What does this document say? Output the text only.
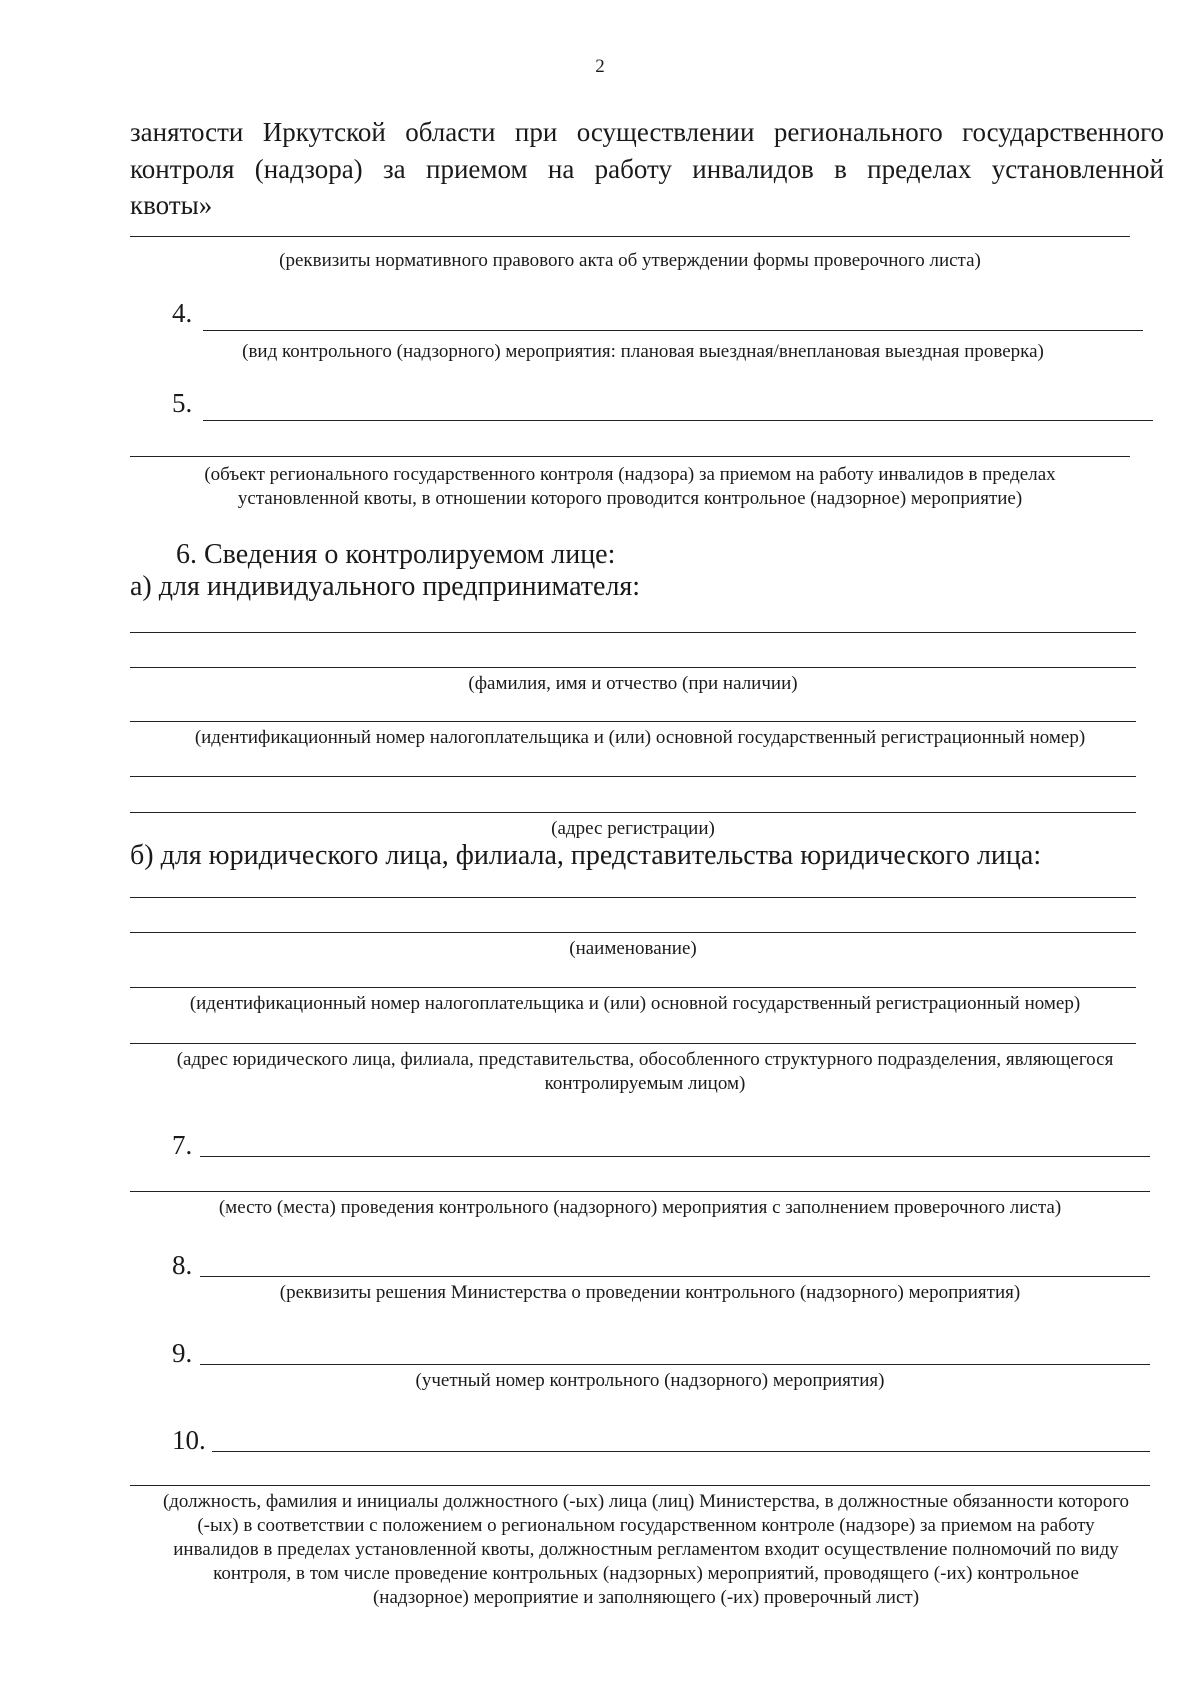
2
занятости Иркутской области при осуществлении регионального государственного
контроля (надзора) за приемом на работу инвалидов в пределах установленной
квоты»
(реквизиты нормативного правового акта об утверждении формы проверочного листа)
4.
(вид контрольного (надзорного) мероприятия: плановая выездная/внеплановая выездная проверка)
5.
(объект регионального государственного контроля (надзора) за приемом на работу инвалидов в пределах
установленной квоты, в отношении которого проводится контрольное (надзорное) мероприятие)
6. Сведения о контролируемом лице:
а) для индивидуального предпринимателя:
(фамилия, имя и отчество (при наличии)
(идентификационный номер налогоплательщика и (или) основной государственный регистрационный номер)
(адрес регистрации)
б) для юридического лица, филиала, представительства юридического лица:
(наименование)
(идентификационный номер налогоплательщика и (или) основной государственный регистрационный номер)
(адрес юридического лица, филиала, представительства, обособленного структурного подразделения, являющегося
контролируемым лицом)
7.
(место (места) проведения контрольного (надзорного) мероприятия с заполнением проверочного листа)
8.
(реквизиты решения Министерства о проведении контрольного (надзорного) мероприятия)
9.
(учетный номер контрольного (надзорного) мероприятия)
10.
(должность, фамилия и инициалы должностного (-ых) лица (лиц) Министерства, в должностные обязанности которого
(-ых) в соответствии с положением о региональном государственном контроле (надзоре) за приемом на работу
инвалидов в пределах установленной квоты, должностным регламентом входит осуществление полномочий по виду
контроля, в том числе проведение контрольных (надзорных) мероприятий, проводящего (-их) контрольное
(надзорное) мероприятие и заполняющего (-их) проверочный лист)
